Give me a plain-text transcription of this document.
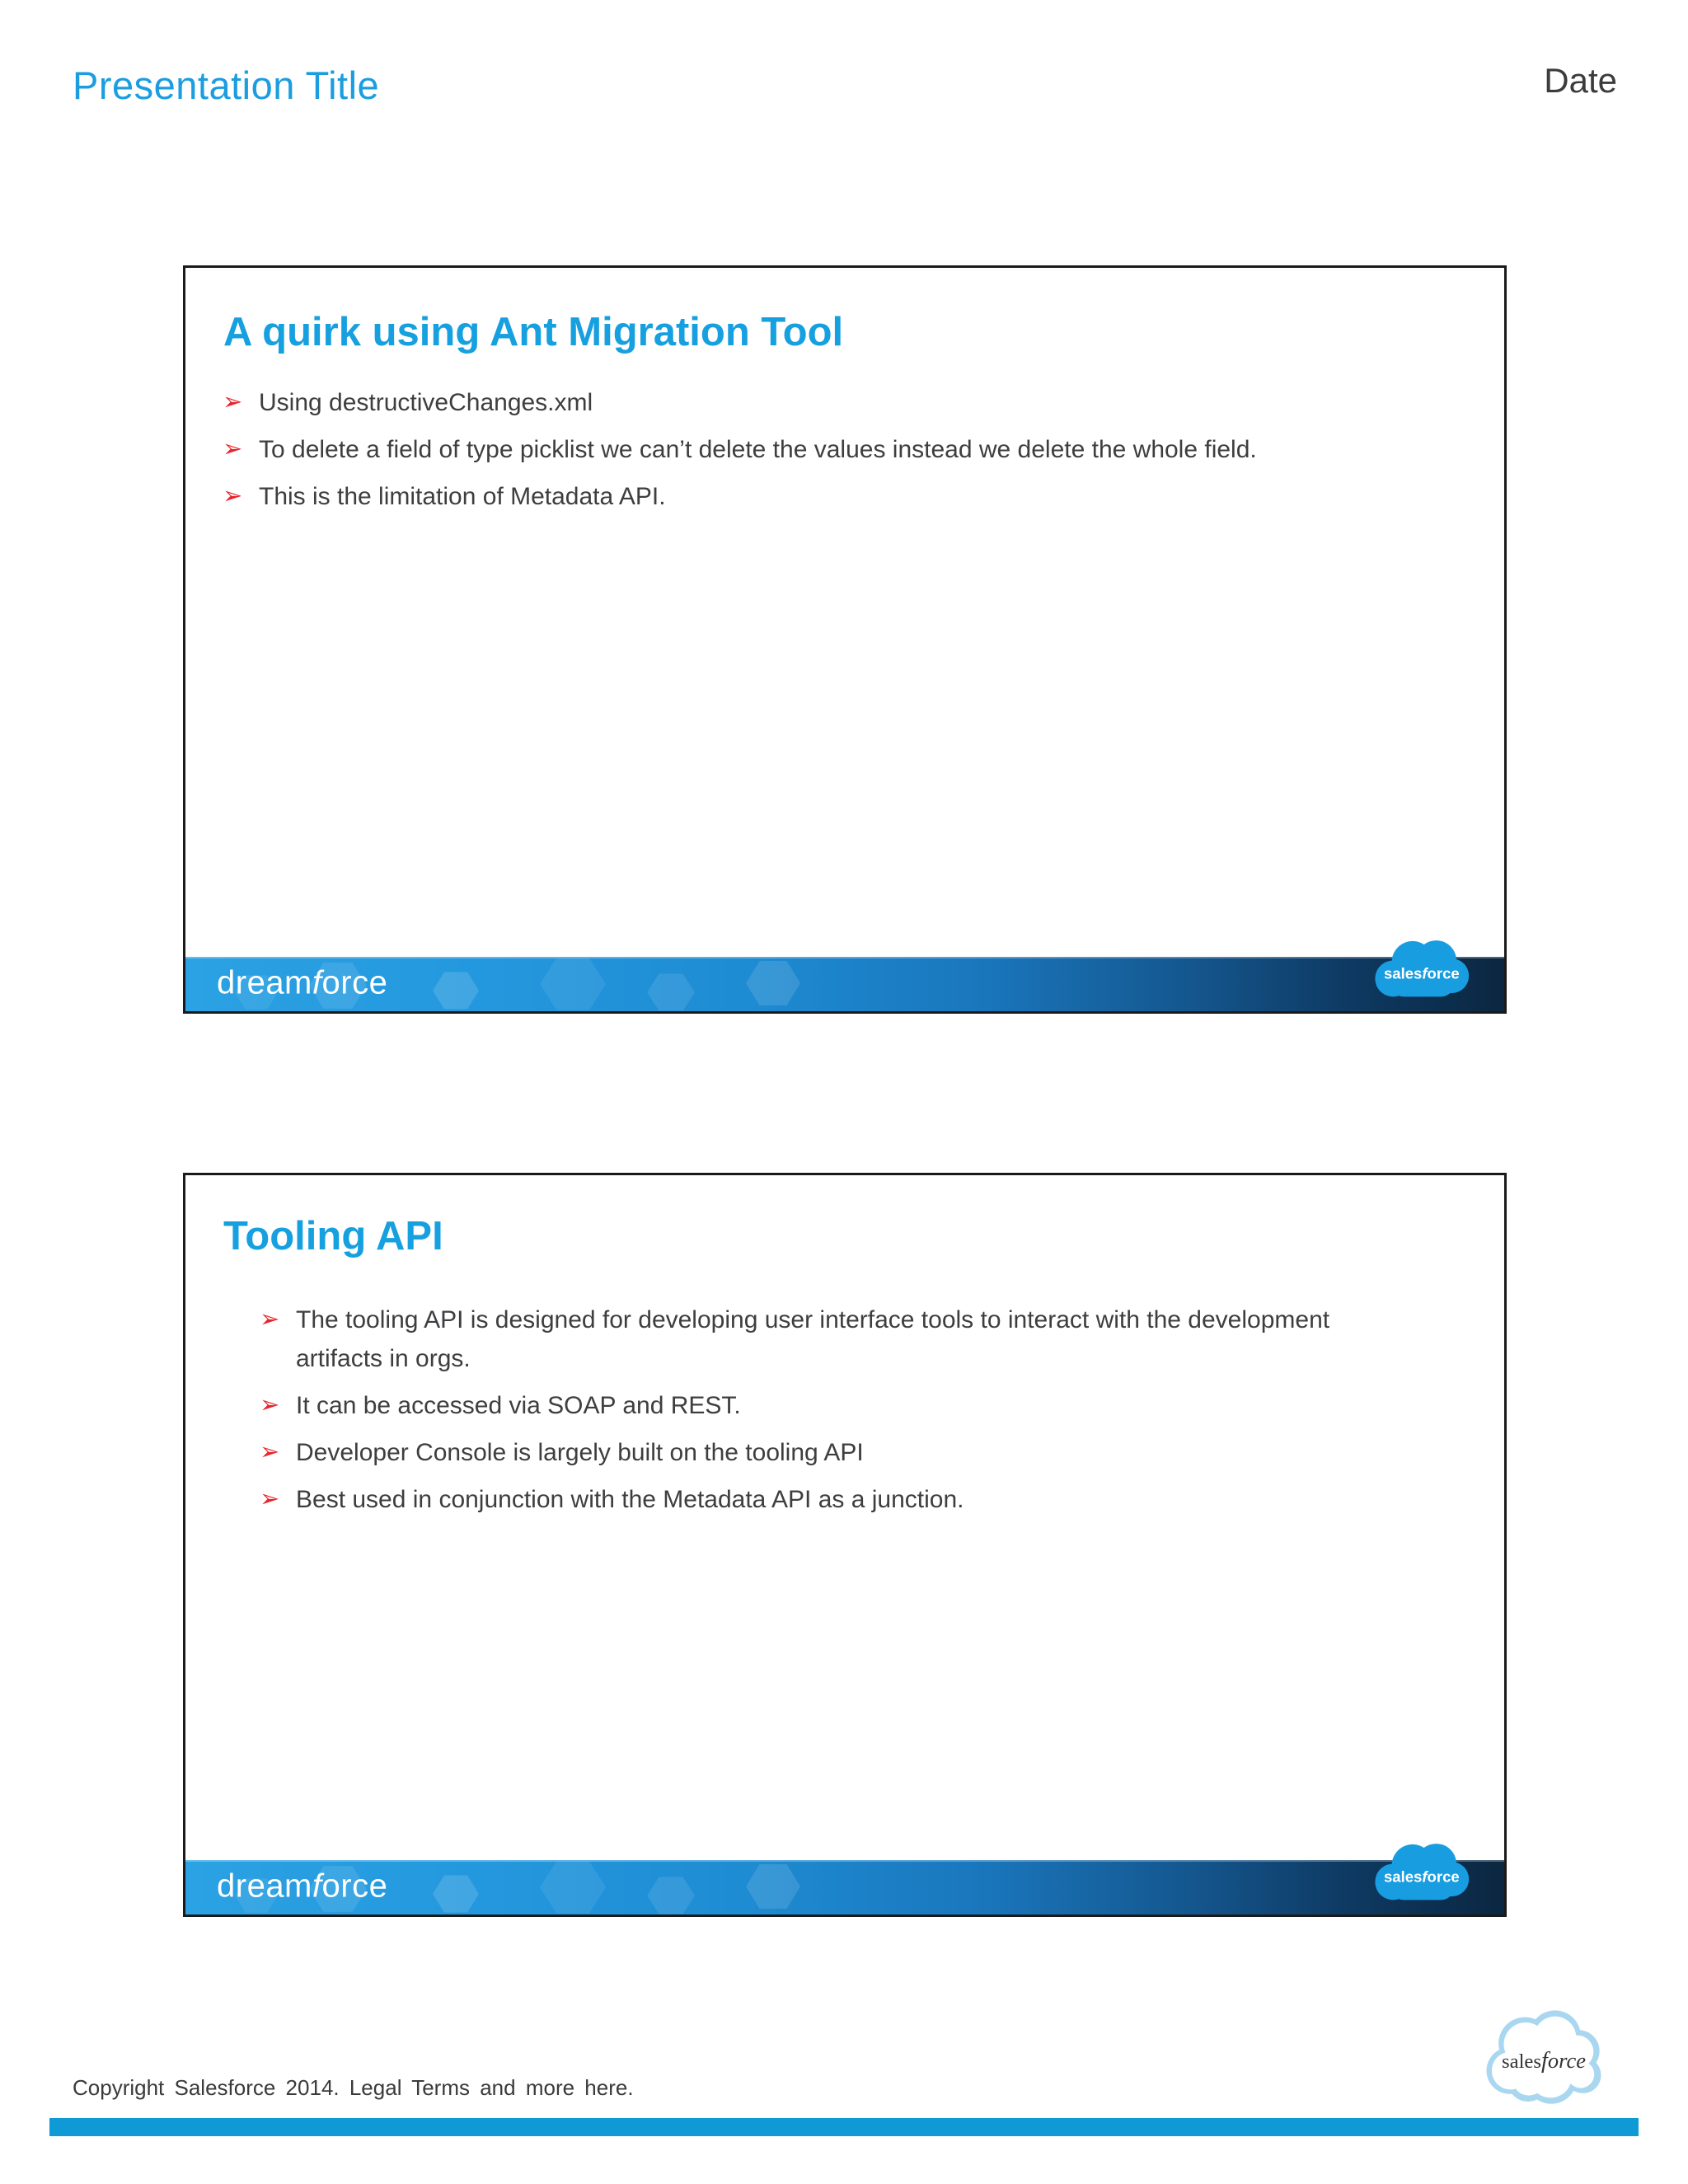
Presentation Title	Date
A quirk using Ant Migration Tool
➢ Using destructiveChanges.xml
➢ To delete a field of type picklist we can’t delete the values instead we delete the whole field.
➢ This is the limitation of Metadata API.
dreamforce	salesforce
Tooling API
➢ The tooling API is designed for developing user interface tools to interact with the development artifacts in orgs.
➢ It can be accessed via SOAP and REST.
➢ Developer Console is largely built on the tooling API
➢ Best used in conjunction with the Metadata API as a junction.
dreamforce	salesforce
Copyright Salesforce 2014. Legal Terms and more here.
salesforce
